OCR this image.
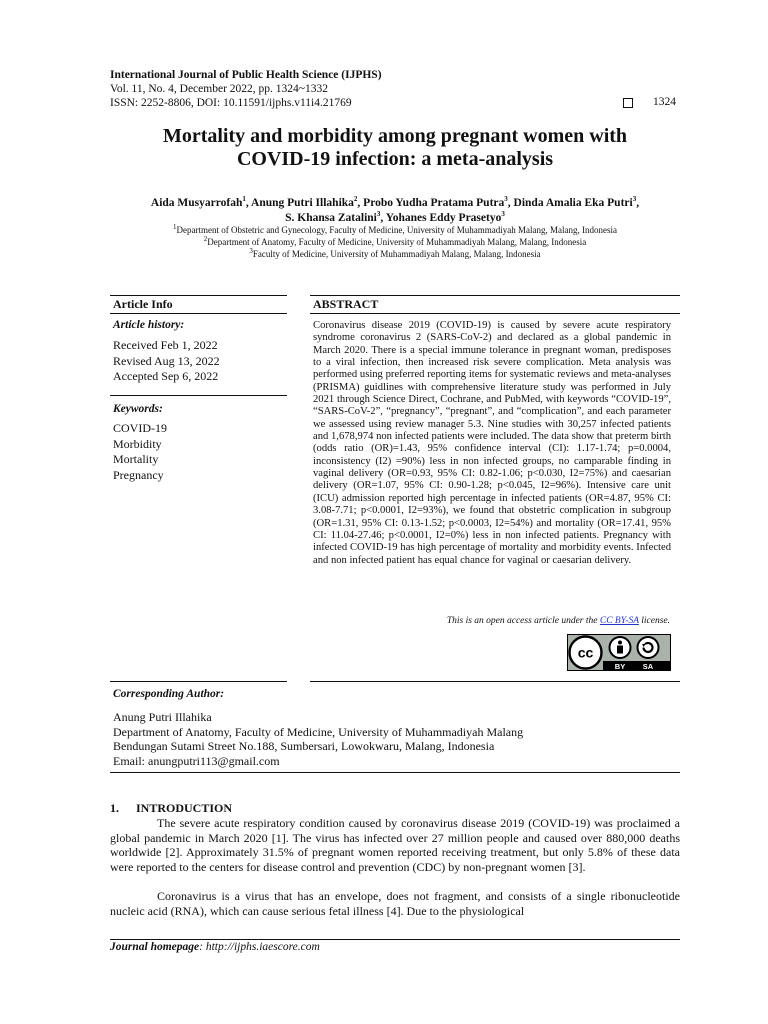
International Journal of Public Health Science (IJPHS)
Vol. 11, No. 4, December 2022, pp. 1324~1332
ISSN: 2252-8806, DOI: 10.11591/ijphs.v11i4.21769	1324
Mortality and morbidity among pregnant women with
COVID-19 infection: a meta-analysis
Aida Musyarrofah$^1$, Anung Putri Illahika$^2$, Probo Yudha Pratama Putra$^3$, Dinda Amalia Eka Putri$^3$,
S. Khansa Zatalini$^3$, Yohanes Eddy Prasetyo$^3$
$^1$Department of Obstetric and Gynecology, Faculty of Medicine, University of Muhammadiyah Malang, Malang, Indonesia
$^2$Department of Anatomy, Faculty of Medicine, University of Muhammadiyah Malang, Malang, Indonesia
$^3$Faculty of Medicine, University of Muhammadiyah Malang, Malang, Indonesia
Article Info	ABSTRACT
Article history:
Received Feb 1, 2022
Revised Aug 13, 2022
Accepted Sep 6, 2022
Keywords:
COVID-19
Morbidity
Mortality
Pregnancy
Coronavirus disease 2019 (COVID-19) is caused by severe acute respiratory syndrome coronavirus 2 (SARS-CoV-2) and declared as a global pandemic in March 2020. There is a special immune tolerance in pregnant woman, predisposes to a viral infection, then increased risk severe complication. Meta analysis was performed using preferred reporting items for systematic reviews and meta-analyses (PRISMA) guidlines with comprehensive literature study was performed in July 2021 through Science Direct, Cochrane, and PubMed, with keywords “COVID-19”, “SARS-CoV-2”, “pregnancy”, “pregnant”, and “complication”, and each parameter we assessed using review manager 5.3. Nine studies with 30,257 infected patients and 1,678,974 non infected patients were included. The data show that preterm birth (odds ratio (OR)=1.43, 95% confidence interval (CI): 1.17-1.74; p=0.0004, inconsistency (I2) =90%) less in non infected groups, no camparable finding in vaginal delivery (OR=0.93, 95% CI: 0.82-1.06; p<0.030, I2=75%) and caesarian delivery (OR=1.07, 95% CI: 0.90-1.28; p<0.045, I2=96%). Intensive care unit (ICU) admission reported high percentage in infected patients (OR=4.87, 95% CI: 3.08-7.71; p<0.0001, I2=93%), we found that obstetric complication in subgroup (OR=1.31, 95% CI: 0.13-1.52; p<0.0003, I2=54%) and mortality (OR=17.41, 95% CI: 11.04-27.46; p<0.0001, I2=0%) less in non infected patients. Pregnancy with infected COVID-19 has high percentage of mortality and morbidity events. Infected and non infected patient has equal chance for vaginal or caesarian delivery.
This is an open access article under the CC BY-SA license.
cc
BY SA
Corresponding Author:
Anung Putri Illahika
Department of Anatomy, Faculty of Medicine, University of Muhammadiyah Malang
Bendungan Sutami Street No.188, Sumbersari, Lowokwaru, Malang, Indonesia
Email: anungputri113@gmail.com
1. INTRODUCTION

The severe acute respiratory condition caused by coronavirus disease 2019 (COVID-19) was proclaimed a global pandemic in March 2020 [1]. The virus has infected over 27 million people and caused over 880,000 deaths worldwide [2]. Approximately 31.5% of pregnant women reported receiving treatment, but only 5.8% of these data were reported to the centers for disease control and prevention (CDC) by non-pregnant women [3].

Coronavirus is a virus that has an envelope, does not fragment, and consists of a single ribonucleotide nucleic acid (RNA), which can cause serious fetal illness [4]. Due to the physiological

Journal homepage: http://ijphs.iaescore.com
